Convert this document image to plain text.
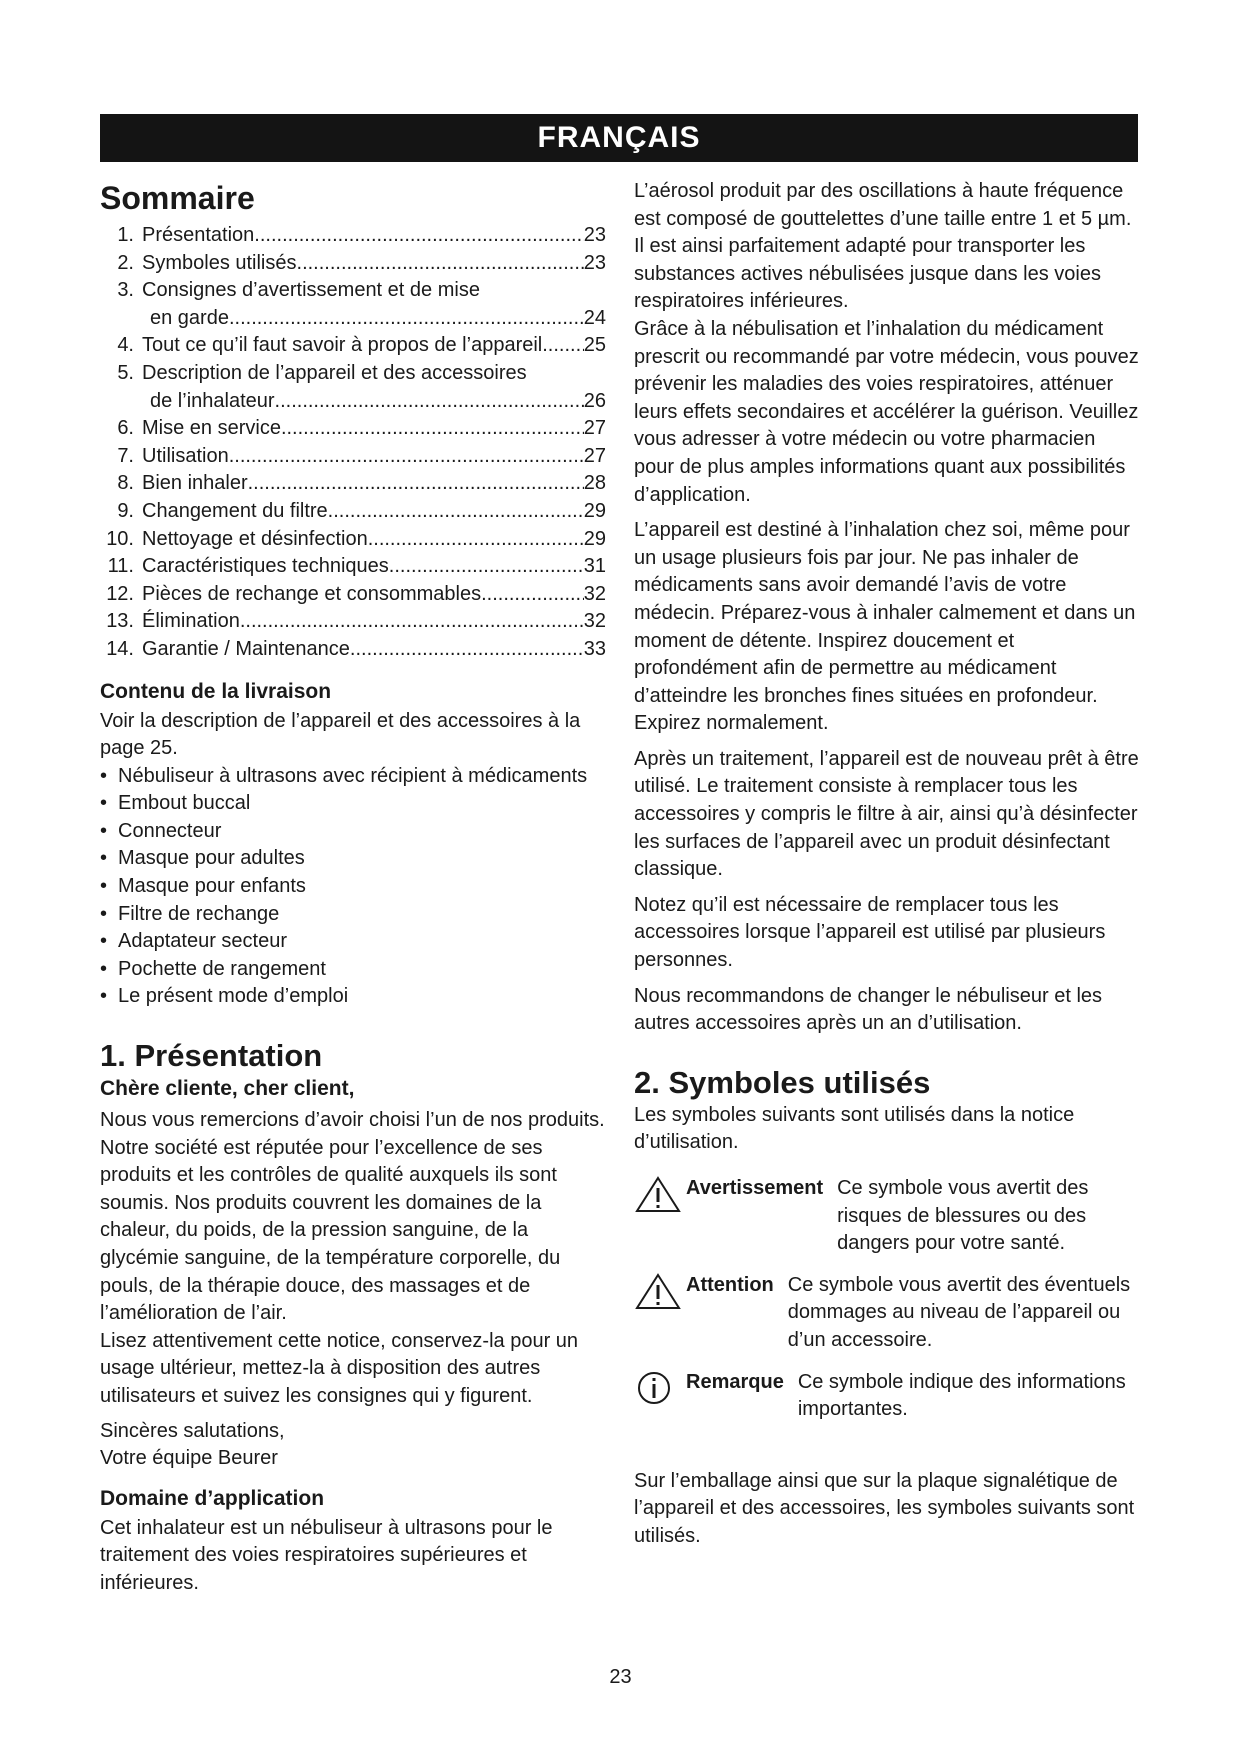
FRANÇAIS
Sommaire
1. Présentation .....	23
2. Symboles utilisés .....	23
3. Consignes d’avertissement et de mise
en garde .....	24
4. Tout ce qu’il faut savoir à propos de l’appareil ..... 25
5. Description de l’appareil et des accessoires
de l’inhalateur .....	26
6. Mise en service .....	27
7. Utilisation .....	27
8. Bien inhaler .....	28
9. Changement du filtre .....	29
10. Nettoyage et désinfection .....	29
11. Caractéristiques techniques .....	31
12. Pièces de rechange et consommables .....	32
13. Élimination .....	32
14. Garantie / Maintenance .....	33
Contenu de la livraison

Voir la description de l’appareil et des accessoires à la page 25.

• Nébuliseur à ultrasons avec récipient à médicaments
• Embout buccal
• Connecteur
• Masque pour adultes
• Masque pour enfants
• Filtre de rechange
• Adaptateur secteur
• Pochette de rangement
• Le présent mode d’emploi
1. Présentation
Chère cliente, cher client,

Nous vous remercions d’avoir choisi l’un de nos produits. Notre société est réputée pour l’excellence de ses produits et les contrôles de qualité auxquels ils sont soumis. Nos produits couvrent les domaines de la chaleur, du poids, de la pression sanguine, de la glycémie sanguine, de la température corporelle, du pouls, de la thérapie douce, des massages et de l’amélioration de l’air.

Lisez attentivement cette notice, conservez-la pour un usage ultérieur, mettez-la à disposition des autres utilisateurs et suivez les consignes qui y figurent.

Sincères salutations,

Votre équipe Beurer

Domaine d’application

Cet inhalateur est un nébuliseur à ultrasons pour le traitement des voies respiratoires supérieures et inférieures.

L’aérosol produit par des oscillations à haute fréquence est composé de gouttelettes d’une taille entre 1 et 5 µm. Il est ainsi parfaitement adapté pour transporter les substances actives nébulisées jusque dans les voies respiratoires inférieures.

Grâce à la nébulisation et l’inhalation du médicament prescrit ou recommandé par votre médecin, vous pouvez prévenir les maladies des voies respiratoires, atténuer leurs effets secondaires et accélérer la guérison. Veuillez vous adresser à votre médecin ou votre pharmacien pour de plus amples informations quant aux possibilités d’application.

L’appareil est destiné à l’inhalation chez soi, même pour un usage plusieurs fois par jour. Ne pas inhaler de médicaments sans avoir demandé l’avis de votre médecin. Préparez-vous à inhaler calmement et dans un moment de détente. Inspirez doucement et profondément afin de permettre au médicament d’atteindre les bronches fines situées en profondeur. Expirez normalement.

Après un traitement, l’appareil est de nouveau prêt à être utilisé. Le traitement consiste à remplacer tous les accessoires y compris le filtre à air, ainsi qu’à désinfecter les surfaces de l’appareil avec un produit désinfectant classique.

Notez qu’il est nécessaire de remplacer tous les accessoires lorsque l’appareil est utilisé par plusieurs personnes.

Nous recommandons de changer le nébuliseur et les autres accessoires après un an d’utilisation.

2. Symboles utilisés

Les symboles suivants sont utilisés dans la notice d’utilisation.

Avertissement Ce symbole vous avertit des risques de blessures ou des dangers pour votre santé.
Attention Ce symbole vous avertit des éventuels dommages au niveau de l’appareil ou d’un accessoire.
Remarque Ce symbole indique des informations importantes.

Sur l’emballage ainsi que sur la plaque signalétique de l’appareil et des accessoires, les symboles suivants sont utilisés.

23
